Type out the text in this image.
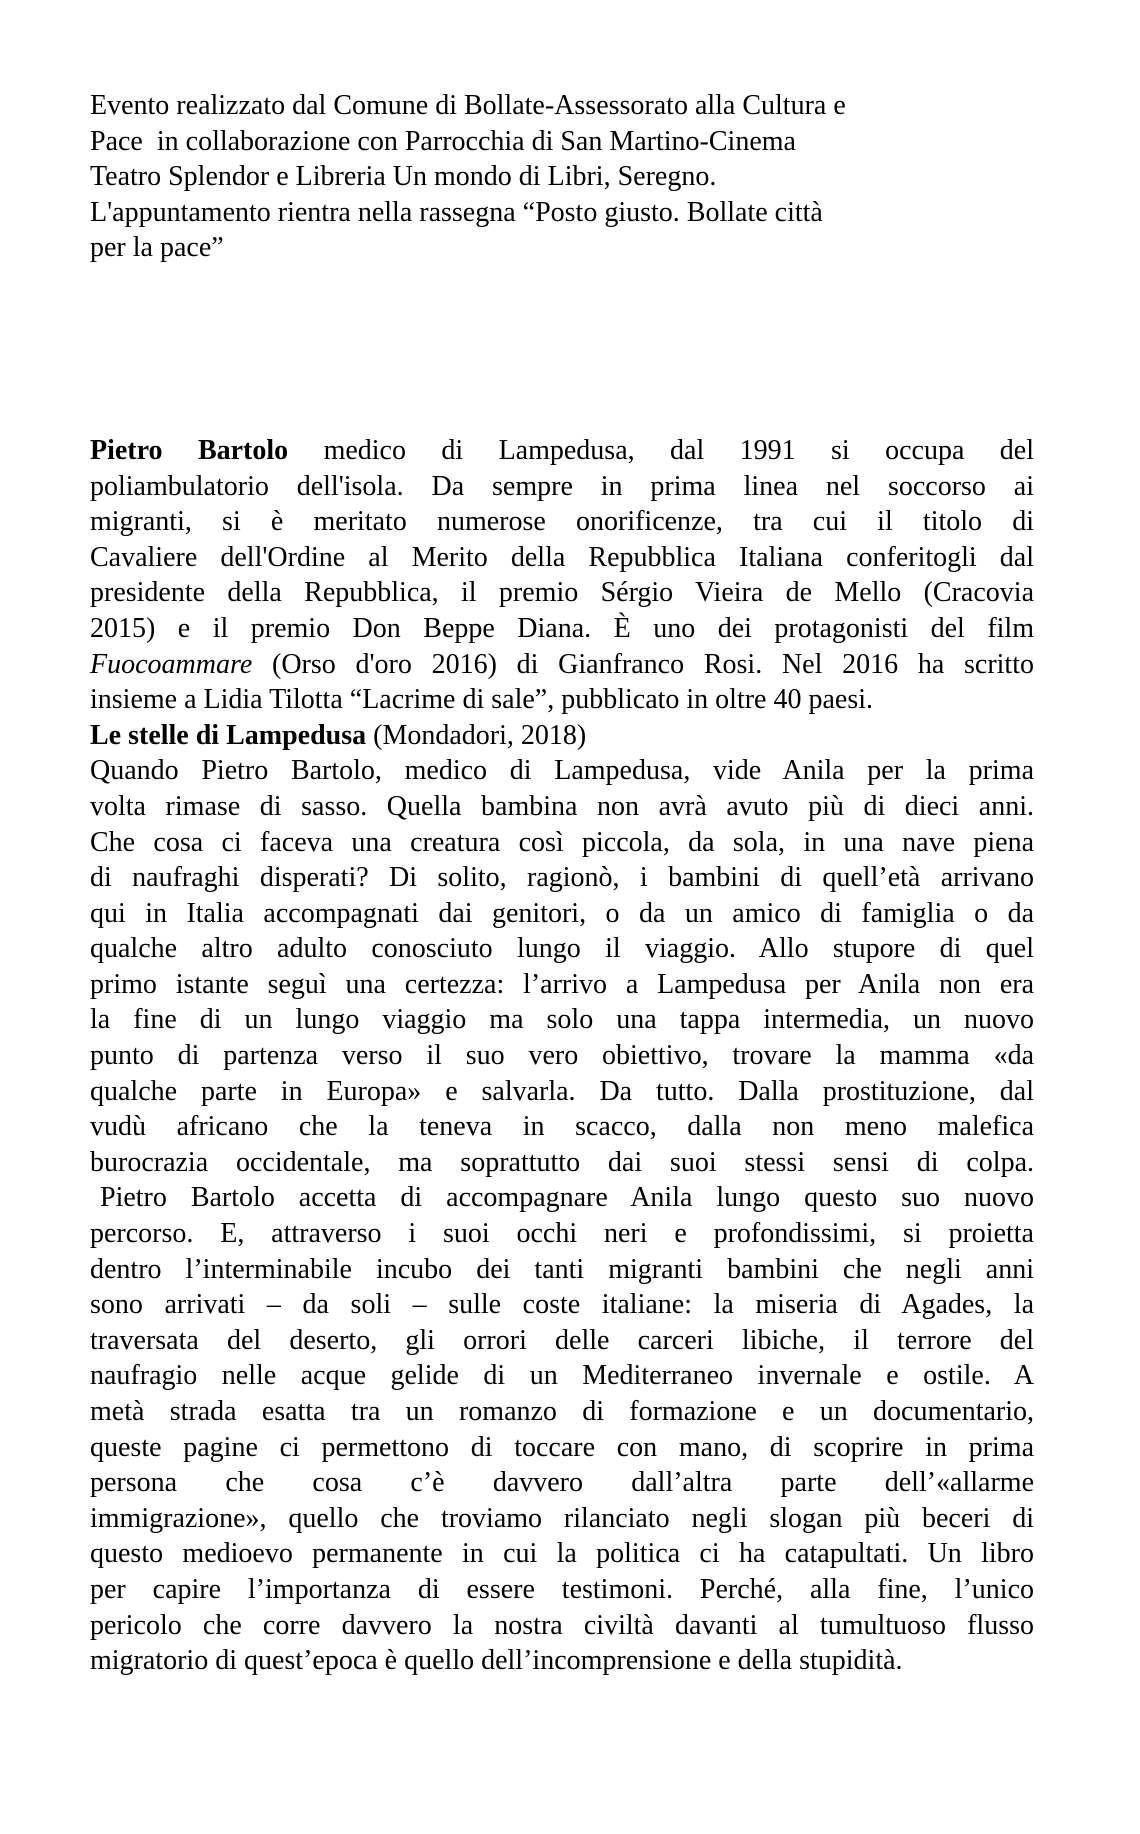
Evento realizzato dal Comune di Bollate-Assessorato alla Cultura e
Pace  in collaborazione con Parrocchia di San Martino-Cinema
Teatro Splendor e Libreria Un mondo di Libri, Seregno.
L'appuntamento rientra nella rassegna “Posto giusto. Bollate città
per la pace”
Pietro Bartolo medico di Lampedusa, dal 1991 si occupa del
poliambulatorio dell'isola. Da sempre in prima linea nel soccorso ai
migranti, si è meritato numerose onorificenze, tra cui il titolo di
Cavaliere dell'Ordine al Merito della Repubblica Italiana conferitogli dal
presidente della Repubblica, il premio Sérgio Vieira de Mello (Cracovia
2015) e il premio Don Beppe Diana. È uno dei protagonisti del film
Fuocoammare (Orso d'oro 2016) di Gianfranco Rosi. Nel 2016 ha scritto
insieme a Lidia Tilotta “Lacrime di sale”, pubblicato in oltre 40 paesi.
Le stelle di Lampedusa (Mondadori, 2018)
Quando Pietro Bartolo, medico di Lampedusa, vide Anila per la prima
volta rimase di sasso. Quella bambina non avrà avuto più di dieci anni.
Che cosa ci faceva una creatura così piccola, da sola, in una nave piena
di naufraghi disperati? Di solito, ragionò, i bambini di quell’età arrivano
qui in Italia accompagnati dai genitori, o da un amico di famiglia o da
qualche altro adulto conosciuto lungo il viaggio. Allo stupore di quel
primo istante seguì una certezza: l’arrivo a Lampedusa per Anila non era
la fine di un lungo viaggio ma solo una tappa intermedia, un nuovo
punto di partenza verso il suo vero obiettivo, trovare la mamma «da
qualche parte in Europa» e salvarla. Da tutto. Dalla prostituzione, dal
vudù africano che la teneva in scacco, dalla non meno malefica
burocrazia occidentale, ma soprattutto dai suoi stessi sensi di colpa.
Pietro Bartolo accetta di accompagnare Anila lungo questo suo nuovo
percorso. E, attraverso i suoi occhi neri e profondissimi, si proietta
dentro l’interminabile incubo dei tanti migranti bambini che negli anni
sono arrivati – da soli – sulle coste italiane: la miseria di Agades, la
traversata del deserto, gli orrori delle carceri libiche, il terrore del
naufragio nelle acque gelide di un Mediterraneo invernale e ostile. A
metà strada esatta tra un romanzo di formazione e un documentario,
queste pagine ci permettono di toccare con mano, di scoprire in prima
persona che cosa c’è davvero dall’altra parte dell’«allarme
immigrazione», quello che troviamo rilanciato negli slogan più beceri di
questo medioevo permanente in cui la politica ci ha catapultati. Un libro
per capire l’importanza di essere testimoni. Perché, alla fine, l’unico
pericolo che corre davvero la nostra civiltà davanti al tumultuoso flusso
migratorio di quest’epoca è quello dell’incomprensione e della stupidità.
